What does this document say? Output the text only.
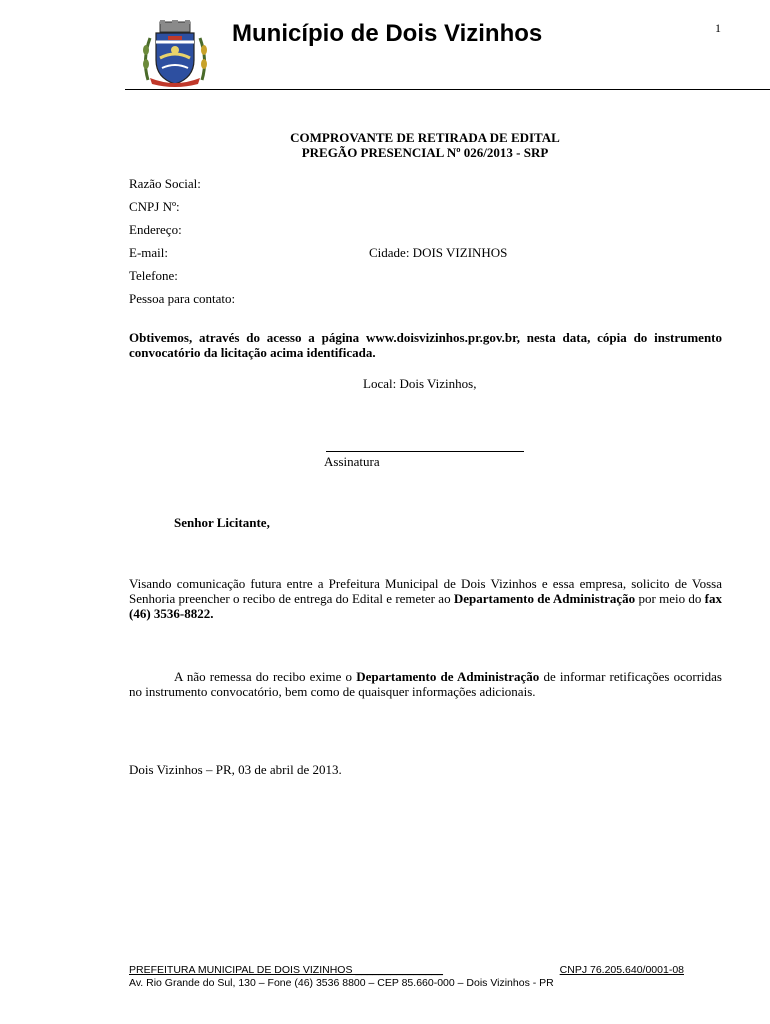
Município de Dois Vizinhos	1
COMPROVANTE DE RETIRADA DE EDITAL
PREGÃO PRESENCIAL Nº 026/2013 - SRP
Razão Social:
CNPJ Nº:
Endereço:
E-mail:	Cidade: DOIS VIZINHOS
Telefone:
Pessoa para contato:
Obtivemos, através do acesso a página www.doisvizinhos.pr.gov.br, nesta data, cópia do instrumento convocatório da licitação acima identificada.
Local: Dois Vizinhos,
Assinatura
Senhor Licitante,
Visando comunicação futura entre a Prefeitura Municipal de Dois Vizinhos e essa empresa, solicito de Vossa Senhoria preencher o recibo de entrega do Edital e remeter ao Departamento de Administração por meio do fax (46) 3536-8822.
A não remessa do recibo exime o Departamento de Administração de informar retificações ocorridas no instrumento convocatório, bem como de quaisquer informações adicionais.
Dois Vizinhos – PR, 03 de abril de 2013.
PREFEITURA MUNICIPAL DE DOIS VIZINHOS _______________	CNPJ 76.205.640/0001-08
Av. Rio Grande do Sul, 130 – Fone (46) 3536 8800 – CEP 85.660-000 – Dois Vizinhos - PR
